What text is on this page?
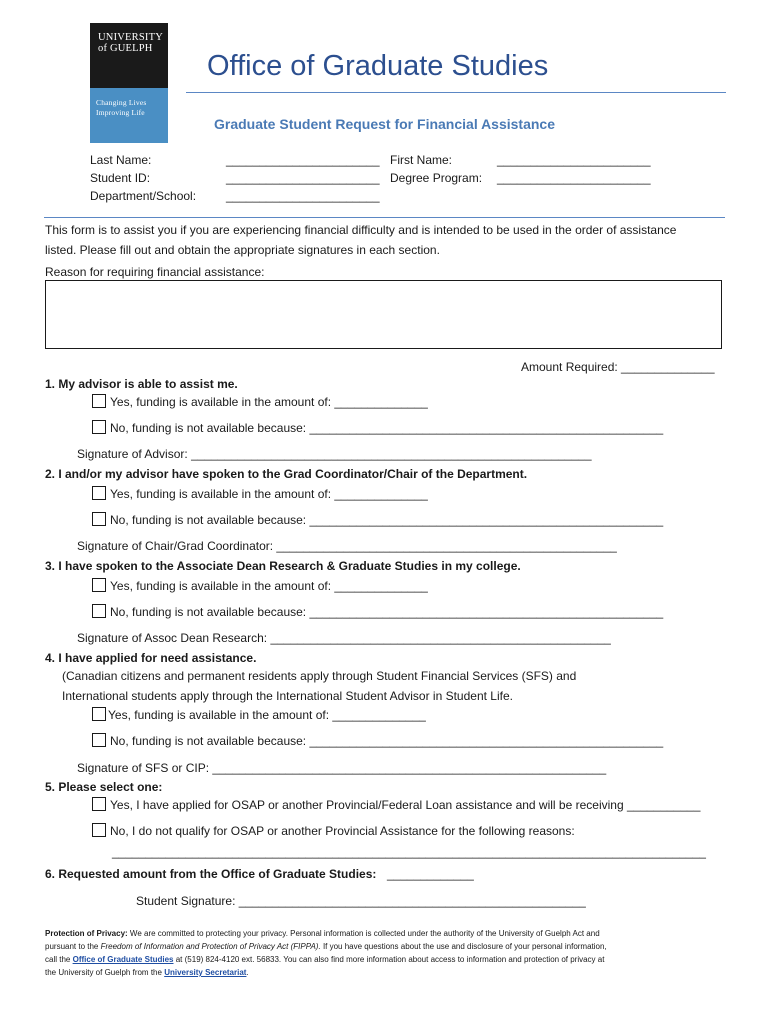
UNIVERSITY
of GUELPH
Changing Lives
Improving Life
Office of Graduate Studies
Graduate Student Request for Financial Assistance
Last Name:
Student ID:
Department/School:
_______________________
_______________________
_______________________
First Name:
Degree Program:
_______________________
_______________________
This form is to assist you if you are experiencing financial difficulty and is intended to be used in the order of assistance
listed. Please fill out and obtain the appropriate signatures in each section.
Reason for requiring financial assistance:
Amount Required: ______________
1. My advisor is able to assist me.
Yes, funding is available in the amount of: ______________
No, funding is not available because: _____________________________________________________
Signature of Advisor: ____________________________________________________________
2. I and/or my advisor have spoken to the Grad Coordinator/Chair of the Department.
Yes, funding is available in the amount of: ______________
No, funding is not available because: _____________________________________________________
Signature of Chair/Grad Coordinator: ___________________________________________________
3. I have spoken to the Associate Dean Research & Graduate Studies in my college.
Yes, funding is available in the amount of: ______________
No, funding is not available because: _____________________________________________________
Signature of Assoc Dean Research: ___________________________________________________
4. I have applied for need assistance.
(Canadian citizens and permanent residents apply through Student Financial Services (SFS) and
International students apply through the International Student Advisor in Student Life.
Yes, funding is available in the amount of: ______________
No, funding is not available because: _____________________________________________________
Signature of SFS or CIP: ___________________________________________________________
5. Please select one:
Yes, I have applied for OSAP or another Provincial/Federal Loan assistance and will be receiving ___________
No, I do not qualify for OSAP or another Provincial Assistance for the following reasons:
_________________________________________________________________________________________
6. Requested amount from the Office of Graduate Studies: _____________
Student Signature: ____________________________________________________
Protection of Privacy: We are committed to protecting your privacy. Personal information is collected under the authority of the University of Guelph Act and
pursuant to the Freedom of Information and Protection of Privacy Act (FIPPA). If you have questions about the use and disclosure of your personal information,
call the Office of Graduate Studies at (519) 824-4120 ext. 56833. You can also find more information about access to information and protection of privacy at
the University of Guelph from the University Secretariat.
